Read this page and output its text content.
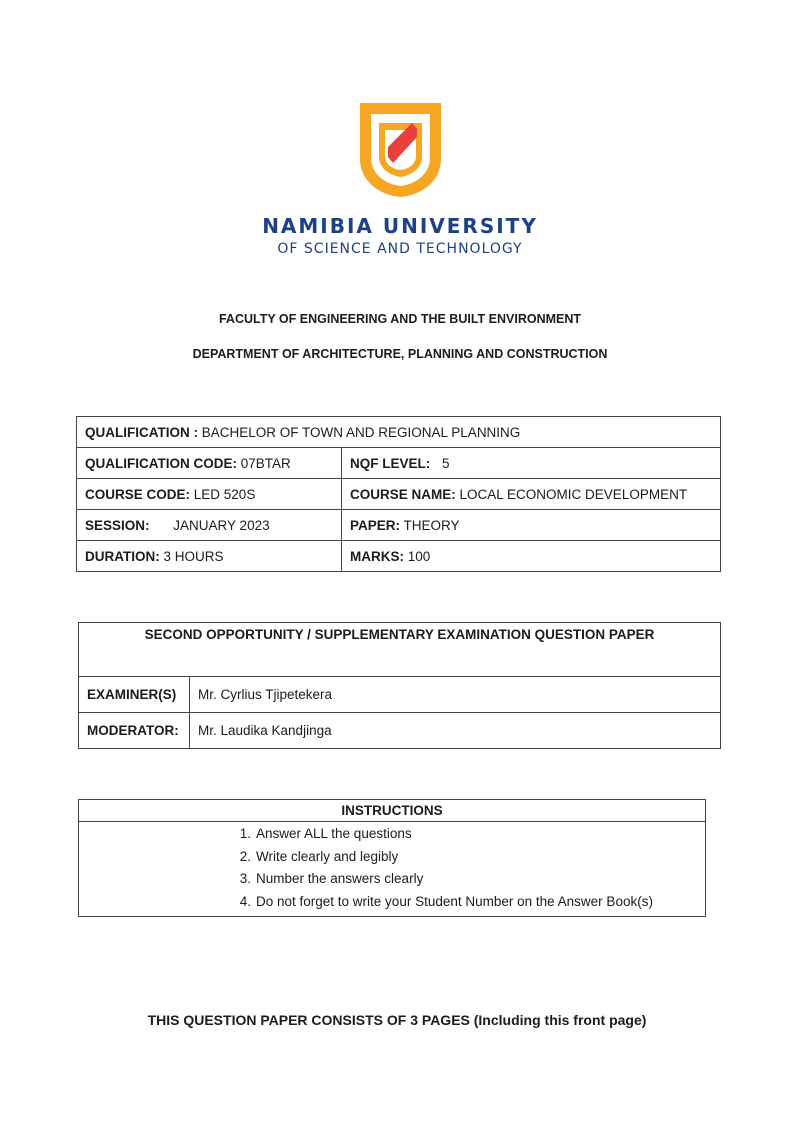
NAMIBIA UNIVERSITY
OF SCIENCE AND TECHNOLOGY
FACULTY OF ENGINEERING AND THE BUILT ENVIRONMENT
DEPARTMENT OF ARCHITECTURE, PLANNING AND CONSTRUCTION
QUALIFICATION : BACHELOR OF TOWN AND REGIONAL PLANNING	
QUALIFICATION CODE: 07BTAR	NQF LEVEL: 5
COURSE CODE: LED 520S	COURSE NAME: LOCAL ECONOMIC DEVELOPMENT
SESSION: JANUARY 2023	PAPER: THEORY
DURATION: 3 HOURS	MARKS: 100
SECOND OPPORTUNITY / SUPPLEMENTARY EXAMINATION QUESTION PAPER	
EXAMINER(S)	Mr. Cyrlius Tjipetekera
MODERATOR:	Mr. Laudika Kandjinga
INSTRUCTIONS

1. Answer ALL the questions
2. Write clearly and legibly
3. Number the answers clearly
4. Do not forget to write your Student Number on the Answer Book(s)
THIS QUESTION PAPER CONSISTS OF 3 PAGES (Including this front page)
